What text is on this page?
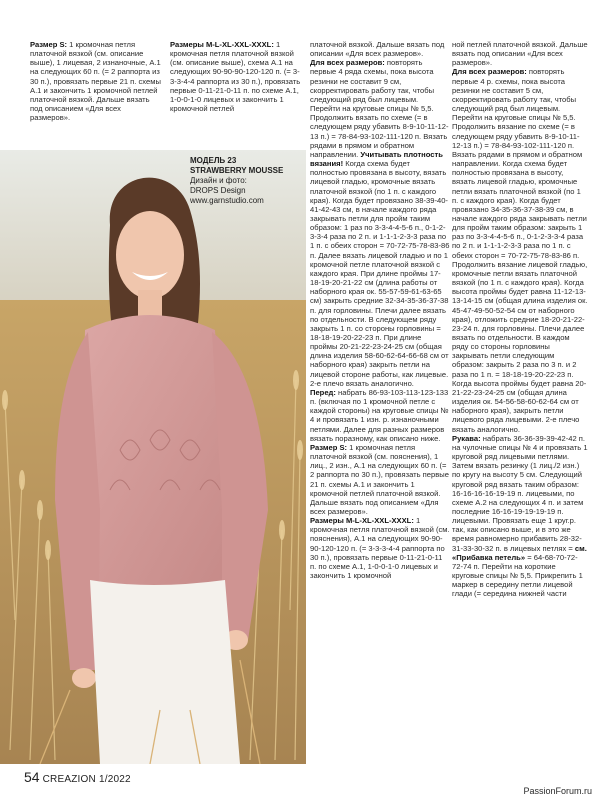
Размер S: 1 кромочная петля платочной вязкой (см. описание выше), 1 лицевая, 2 изнаночные, А.1 на следующих 60 п. (= 2 раппорта из 30 п.), провязать первые 21 п. схемы А.1 и закончить 1 кромочной петлей платочной вязкой. Дальше вязать под описанием «Для всех размеров».

Размеры M-L-XL-XXL-XXXL: 1 кромочная петля платочной вязкой (см. описание выше), схема А.1 на следующих 90-90-90-120-120 п. (= 3-3-3-4-4 раппорта из 30 п.), провязать первые 0-11-21-0-11 п. по схеме А.1, 1-0-0-1-0 лицевых и закончить 1 кромочной петлей

МОДЕЛЬ 23
STRAWBERRY MOUSSE
Дизайн и фото:
DROPS Design
www.garnstudio.com

платочной вязкой. Дальше вязать под описании «Для всех размеров».

Для всех размеров: повторять первые 4 ряда схемы, пока высота резинки не составит 9 см, скорректировать работу так, чтобы следующий ряд был лицевым. Перейти на круговые спицы № 5,5. Продолжить вязать по схеме (= в следующем ряду убавить 8-9-10-11-12-13 п.) = 78-84-93-102-111-120 п. Вязать рядами в прямом и обратном направлении. Учитывать плотность вязания! Когда схема будет полностью провязана в высоту, вязать лицевой гладью, кромочные вязать платочной вязкой (по 1 п. с каждого края). Когда будет провязано 38-39-40-41-42-43 см, в начале каждого ряда закрывать петли для пройм таким образом: 1 раз по 3-3-4-4-5-6 п., 0-1-2-3-3-4 раза по 2 п. и 1-1-1-2-3-3 раза по 1 п. с обеих сторон = 70-72-75-78-83-86 п. Далее вязать лицевой гладью и по 1 кромочной петле платочной вязкой с каждого края. При длине проймы 17-18-19-20-21-22 см (длина работы от наборного края ок. 55-57-59-61-63-65 см) закрыть средние 32-34-35-36-37-38 п. для горловины. Плечи далее вязать по отдельности. В следующем ряду закрыть 1 п. со стороны горловины = 18-18-19-20-22-23 п. При длине проймы 20-21-22-23-24-25 см (общая длина изделия 58-60-62-64-66-68 см от наборного края) закрыть петли на лицевой стороне работы, как лицевые. 2-е плечо вязать аналогично.

Перед: набрать 86-93-103-113-123-133 п. (включая по 1 кромочной петле с каждой стороны) на круговые спицы № 4 и провязать 1 изн. р. изнаночными петлями. Далее для разных размеров вязать поразному, как описано ниже.

Размер S: 1 кромочная петля платочной вязкой (см. пояснения), 1 лиц., 2 изн., А.1 на следующих 60 п. (= 2 раппорта по 30 п.), провязать первые 21 п. схемы А.1 и закончить 1 кромочной петлей платочной вязкой. Дальше вязать под описанием «Для всех размеров».

Размеры M-L-XL-XXL-XXXL: 1 кромочная петля платочной вязкой (см. пояснения), А.1 на следующих 90-90-90-120-120 п. (= 3-3-3-4-4 раппорта по 30 п.), провязать первые 0-11-21-0-11 п. по схеме А.1, 1-0-0-1-0 лицевых и закончить 1 кромочной

ной петлей платочной вязкой. Дальше вязать под описании «Для всех размеров».

Для всех размеров: повторять первые 4 р. схемы, пока высота резинки не составит 5 см, скорректировать работу так, чтобы следующий ряд был лицевым. Перейти на круговые спицы № 5,5. Продолжить вязание по схеме (= в следующем ряду убавить 8-9-10-11-12-13 п.) = 78-84-93-102-111-120 п. Вязать рядами в прямом и обратном направлении. Когда схема будет полностью провязана в высоту, вязать лицевой гладью, кромочные петли вязать платочной вязкой (по 1 п. с каждого края). Когда будет провязано 34-35-36-37-38-39 см, в начале каждого ряда закрывать петли для пройм таким образом: закрыть 1 раз по 3-3-4-4-5-6 п., 0-1-2-3-3-4 раза по 2 п. и 1-1-1-2-3-3 раза по 1 п. с обеих сторон = 70-72-75-78-83-86 п. Продолжить вязание лицевой гладью, кромочные петли вязать платочной вязкой (по 1 п. с каждого края). Когда высота проймы будет равна 11-12-13-13-14-15 см (общая длина изделия ок. 45-47-49-50-52-54 см от наборного края), отложить средние 18-20-21-22-23-24 п. для горловины. Плечи далее вязать по отдельности. В каждом ряду со стороны горловины закрывать петли следующим образом: закрыть 2 раза по 3 п. и 2 раза по 1 п. = 18-18-19-20-22-23 п. Когда высота проймы будет равна 20-21-22-23-24-25 см (общая длина изделия ок. 54-56-58-60-62-64 см от наборного края), закрыть петли лицевого ряда лицевыми. 2-е плечо вязать аналогично.

Рукава: набрать 36-36-39-39-42-42 п. на чулочные спицы № 4 и провязать 1 круговой ряд лицевыми петлями. Затем вязать резинку (1 лиц./2 изн.) по кругу на высоту 5 см. Следующий круговой ряд вязать таким образом: 16-16-16-16-19-19 п. лицевыми, по схеме А.2 на следующих 4 п. и затем последние 16-16-19-19-19-19 п. лицевыми. Провязать еще 1 круг.р. так, как описано выше, и в это же время равномерно прибавить 28-32-31-33-30-32 п. в лицевых петлях = см. «Прибавка петель» = 64-68-70-72-72-74 п. Перейти на короткие круговые спицы № 5,5. Прикрепить 1 маркер в середину петли лицевой глади (= середина нижней части

54 CREAZION 1/2022
PassionForum.ru
